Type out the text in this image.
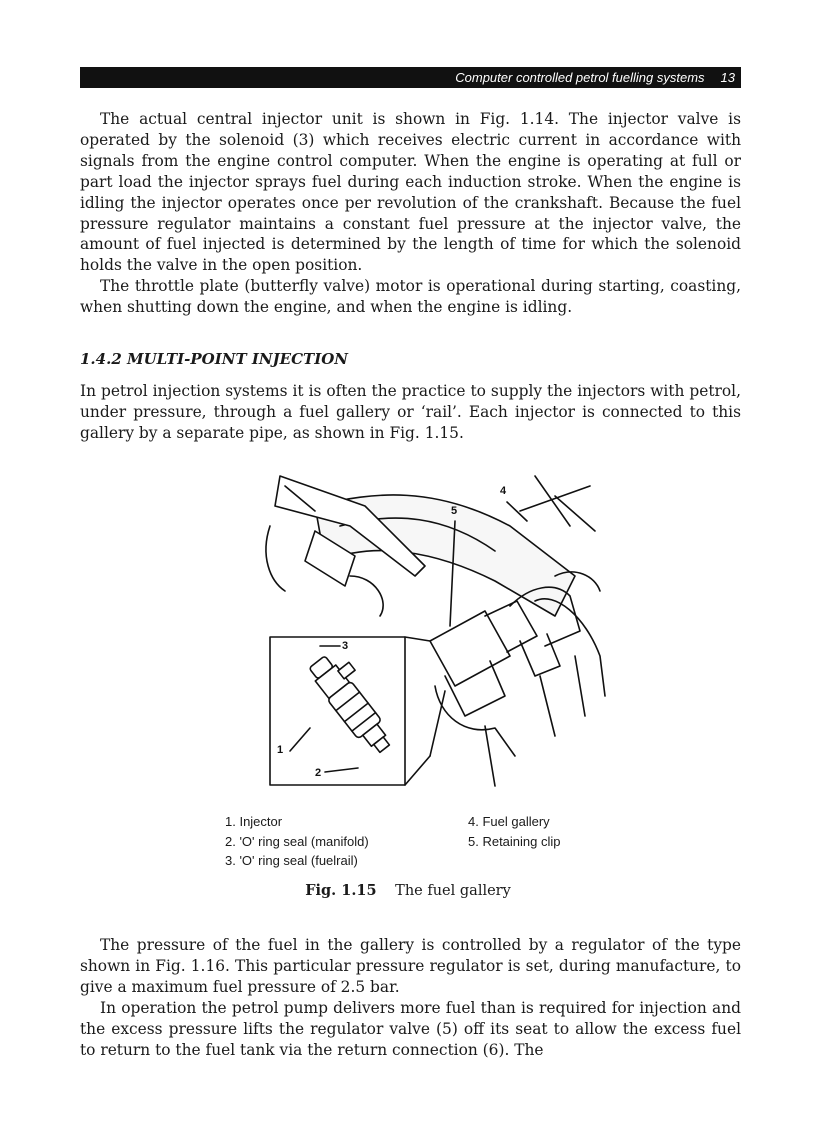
Computer controlled petrol fuelling systems 13

The actual central injector unit is shown in Fig. 1.14. The injector valve is operated by the solenoid (3) which receives electric current in accordance with signals from the engine control computer. When the engine is operating at full or part load the injector sprays fuel during each induction stroke. When the engine is idling the injector operates once per revolution of the crankshaft. Because the fuel pressure regulator maintains a constant fuel pressure at the injector valve, the amount of fuel injected is determined by the length of time for which the solenoid holds the valve in the open position.

The throttle plate (butterfly valve) motor is operational during starting, coasting, when shutting down the engine, and when the engine is idling.

1.4.2 MULTI-POINT INJECTION

In petrol injection systems it is often the practice to supply the injectors with petrol, under pressure, through a fuel gallery or ‘rail’. Each injector is connected to this gallery by a separate pipe, as shown in Fig. 1.15.

1
2
3
4
5
1. Injector
2. 'O' ring seal (manifold)
3. 'O' ring seal (fuelrail)
4. Fuel gallery
5. Retaining clip
Fig. 1.15 The fuel gallery

The pressure of the fuel in the gallery is controlled by a regulator of the type shown in Fig. 1.16. This particular pressure regulator is set, during manufacture, to give a maximum fuel pressure of 2.5 bar.

In operation the petrol pump delivers more fuel than is required for injection and the excess pressure lifts the regulator valve (5) off its seat to allow the excess fuel to return to the fuel tank via the return connection (6). The
